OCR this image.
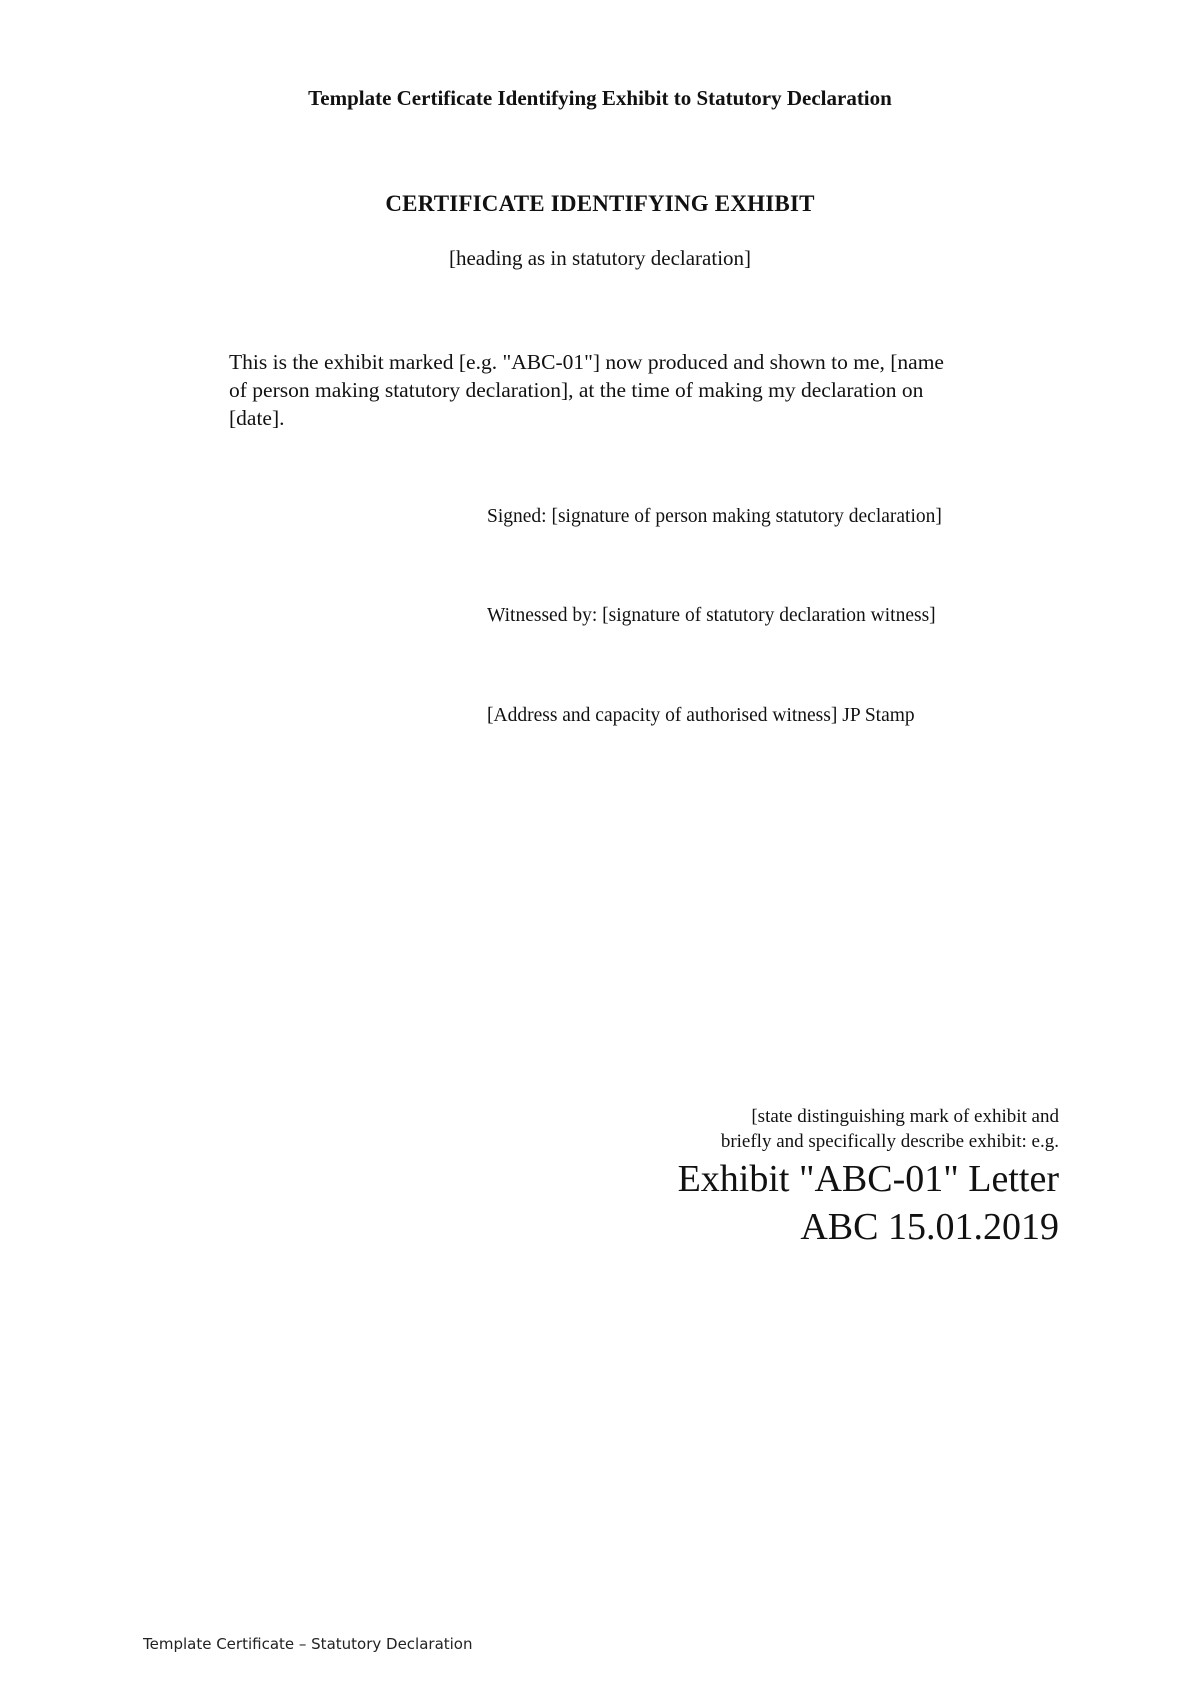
Template Certificate Identifying Exhibit to Statutory Declaration
CERTIFICATE IDENTIFYING EXHIBIT
[heading as in statutory declaration]
This is the exhibit marked [e.g. "ABC-01"] now produced and shown to me, [name
of person making statutory declaration], at the time of making my declaration on
[date].
Signed: [signature of person making statutory declaration]
Witnessed by: [signature of statutory declaration witness]
[Address and capacity of authorised witness] JP Stamp
[state distinguishing mark of exhibit and
briefly and specifically describe exhibit: e.g.
Exhibit "ABC-01" Letter
ABC 15.01.2019
Template Certificate – Statutory Declaration
